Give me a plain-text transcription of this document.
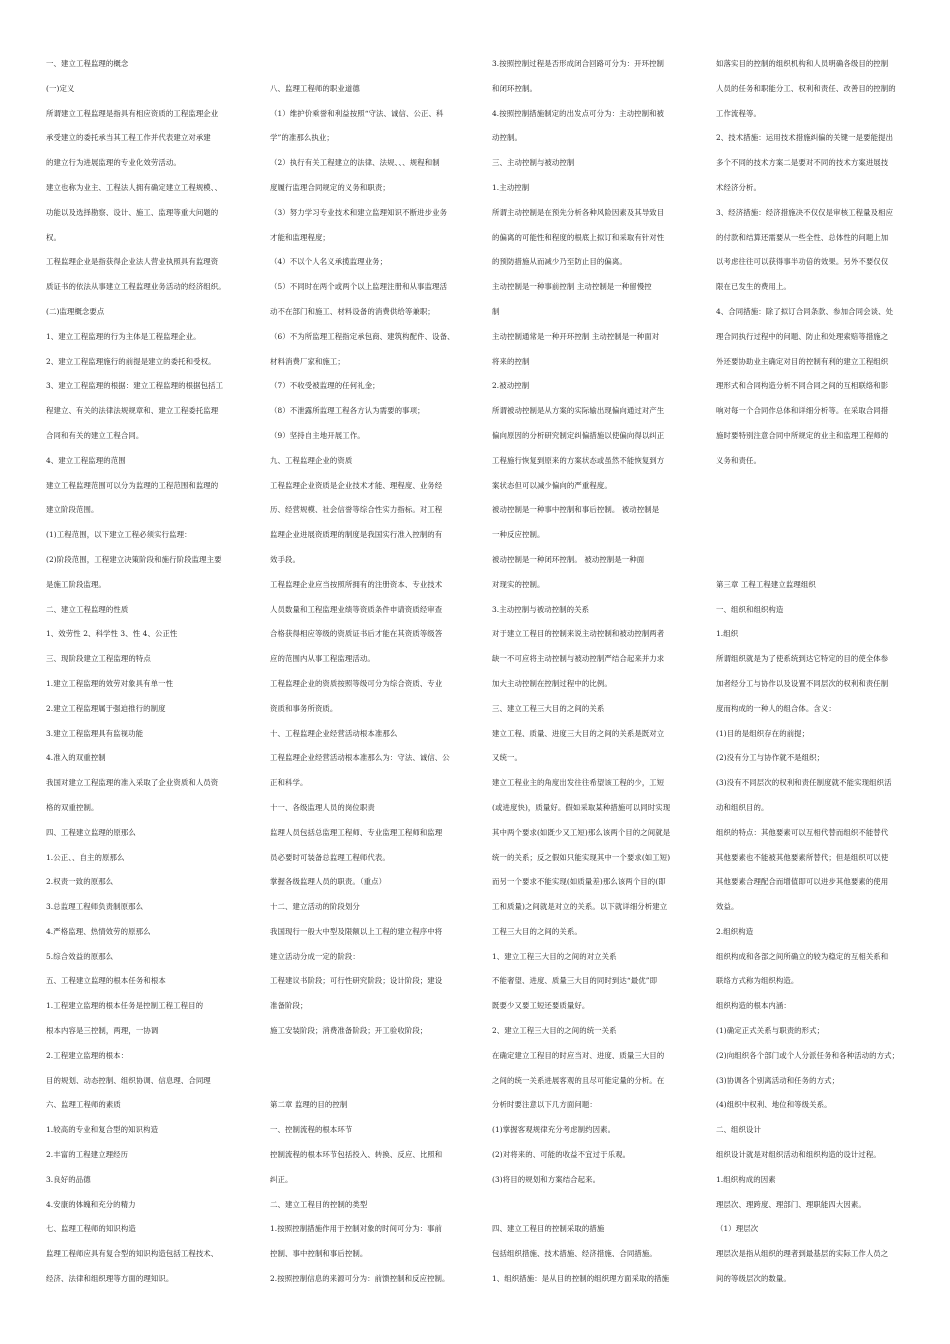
一、建立工程监理的概念

(一)定义

所谓建立工程监理是指具有相应资质的工程监理企业

承受建立的委托承当其工程工作并代表建立对承建

的建立行为进展监理的专业化效劳活动。

建立也称为业主、工程法人拥有确定建立工程规模、、

功能以及选择勘察、设计、施工、监理等重大问题的

权。

工程监理企业是指获得企业法人营业执照具有监理资

质证书的依法从事建立工程监理业务活动的经济组织。

(二)监理概念要点

1、建立工程监理的行为主体是工程监理企业。

2、建立工程监理施行的前提是建立的委托和受权。

3、建立工程监理的根据：建立工程监理的根据包括工

程建立、有关的法律法规规章和、建立工程委托监理

合同和有关的建立工程合同。

4、建立工程监理的范围

建立工程监理范围可以分为监理的工程范围和监理的

建立阶段范围。

(1)工程范围，以下建立工程必须实行监理：

(2)阶段范围，工程建立决策阶段和施行阶段监理主要

是施工阶段监理。

二、建立工程监理的性质

1、效劳性 2、科学性 3、性 4、公正性

三、现阶段建立工程监理的特点

1.建立工程监理的效劳对象具有单一性

2.建立工程监理属于强迫推行的制度

3.建立工程监理具有监视功能

4.准入的双重控制

我国对建立工程监理的准入采取了企业资质和人员资

格的双重控制。

四、工程建立监理的原那么

1.公正、、自主的原那么

2.权责一致的原那么

3.总监理工程师负责制原那么

4.严格监理、热情效劳的原那么

5.综合效益的原那么

五、工程建立监理的根本任务和根本

1.工程建立监理的根本任务是控制工程工程目的

根本内容是三控制，两理，一协调

2.工程建立监理的根本：

目的规划、动态控制、组织协调、信息理、合同理

六、监理工程师的素质

1.较高的专业和复合型的知识构造

2.丰富的工程建立理经历

3.良好的品德

4.安康的体魄和充分的精力

七、监理工程师的知识构造

监理工程师应具有复合型的知识构造包括工程技术、

经济、法律和组织理等方面的理知识。

八、监理工程师的职业道德

（1）维护价乘誉和利益按照“守法、诚信、公正、科

学”的准那么执业；

（2）执行有关工程建立的法律、法规、、、规程和制

度履行监理合同规定的义务和职责；

（3）努力学习专业技术和建立监理知识不断进步业务

才能和监理程度；

（4）不以个人名义承揽监理业务；

（5）不同时在两个或两个以上监理注册和从事监理活

动不在部门和施工、材料设备的消费供给等兼职；

（6）不为所监理工程指定承包商、建筑构配件、设备、

材料消费厂家和施工；

（7）不收受被监理的任何礼金；

（8）不泄露所监理工程各方认为需要的事项；

（9）坚持自主地开展工作。

九、工程监理企业的资质

工程监理企业资质是企业技术才能、理程度、业务经

历、经营规模、社会信誉等综合性实力指标。对工程

监理企业进展资质理的制度是我国实行准入控制的有

效手段。

工程监理企业应当按照所拥有的注册资本、专业技术

人员数量和工程监理业绩等资质条件申请资质经审查

合格获得相应等级的资质证书后才能在其资质等级答

应的范围内从事工程监理活动。

工程监理企业的资质按照等级可分为综合资质、专业

资质和事务所资质。

十、工程监理企业经营活动根本准那么

工程监理企业经营活动根本准那么为：守法、诚信、公

正和科学。

十一、各级监理人员的岗位职责

监理人员包括总监理工程师、专业监理工程师和监理

员必要时可装备总监理工程师代表。

掌握各级监理人员的职责。（重点）

十二、建立活动的阶段划分

我国现行一般大中型及限额以上工程的建立程序中将

建立活动分成一定的阶段：

工程建议书阶段；可行性研究阶段；设计阶段；建设

准备阶段；

施工安装阶段；消费准备阶段；开工验收阶段；

第二章 监理的目的控制

一、控制流程的根本环节

控制流程的根本环节包括投入、转换、反应、比照和

纠正。

二、建立工程目的控制的类型

1.按照控制措施作用于控制对象的时间可分为：事前

控制、事中控制和事后控制。

2.按照控制信息的来源可分为：前馈控制和反应控制。

3.按照控制过程是否形成闭合回路可分为：开环控制

和闭环控制。

4.按照控制措施制定的出发点可分为：主动控制和被

动控制。

三、主动控制与被动控制

1.主动控制

所谓主动控制是在预先分析各种风险因素及其导致目

的偏离的可能性和程度的根底上拟订和采取有针对性

的预防措施从而减少乃至防止目的偏离。

主动控制是一种事前控制 主动控制是一种留慢控

制

主动控制通常是一种开环控制 主动控制是一种面对

将来的控制

2.被动控制

所谓被动控制是从方案的实际输出现偏向通过对产生

偏向原因的分析研究制定纠偏措施以使偏向得以纠正

工程施行恢复到原来的方案状态或虽然不能恢复到方

案状态但可以减少偏向的严重程度。

被动控制是一种事中控制和事后控制。 被动控制是

一种反应控制。

被动控制是一种闭环控制。 被动控制是一种面

对现实的控制。

3.主动控制与被动控制的关系

对于建立工程目的控制来说主动控制和被动控制两者

缺一不可应将主动控制与被动控制严结合起来并力求

加大主动控制在控制过程中的比例。

三、建立工程三大目的之间的关系

建立工程、质量、进度三大目的之间的关系是既对立

又统一。

建立工程业主的角度出发往往希望该工程的少，工短

(或进度快)，质量好。假如采取某种措施可以同时实现

其中两个要求(如既少又工短)那么该两个目的之间就是

统一的关系；反之假如只能实现其中一个要求(如工短)

而另一个要求不能实现(如质量差)那么该两个目的(即

工和质量)之间就是对立的关系。以下就详细分析建立

工程三大目的之间的关系。

1、建立工程三大目的之间的对立关系

不能奢望、进度、质量三大目的同时到达“最优”即

既要少又要工短还要质量好。

2、建立工程三大目的之间的统一关系

在确定建立工程目的时应当对、进度、质量三大目的

之间的统一关系进展客观的且尽可能定量的分析。在

分析时要注意以下几方面问题：

(1)掌握客观规律充分考虑制约因素。

(2)对将来的、可能的收益不宜过于乐观。

(3)将目的规划和方案结合起来。

四、建立工程目的控制采取的措施

包括组织措施、技术措施、经济措施、合同措施。

1、组织措施：是从目的控制的组织理方面采取的措施

如落实目的控制的组织机构和人员明确各级目的控制

人员的任务和职能分工、权利和责任、改善目的控制的

工作流程等。

2、技术措施：运用技术措施纠偏的关键一是要能提出

多个不同的技术方案二是要对不同的技术方案进展技

术经济分析。

3、经济措施：经济措施决不仅仅是审核工程量及相应

的付款和结算还需要从一些全性、总体性的问题上加

以考虑往往可以获得事半功倍的效果。另外不要仅仅

限在已发生的费用上。

4、合同措施：除了拟订合同条款、参加合同会谈、处

理合同执行过程中的问题、防止和处理索赔等措施之

外还要协助业主确定对目的控制有利的建立工程组织

理形式和合同构造分析不同合同之间的互相联络和影

响对每一个合同作总体和详细分析等。在采取合同措

施时要特别注意合同中所规定的业主和监理工程师的

义务和责任。

第三章 工程工程建立监理组织

一、组织和组织构造

1.组织

所谓组织就是为了使系统到达它特定的目的使全体参

加者经分工与协作以及设置不同层次的权利和责任制

度而构成的一种人的组合体。含义：

(1)目的是组织存在的前提；

(2)没有分工与协作就不是组织；

(3)没有不同层次的权利和责任制度就不能实现组织活

动和组织目的。

组织的特点：其他要素可以互相代替而组织不能替代

其他要素也不能被其他要素所替代；但是组织可以使

其他要素合理配合而增值即可以进步其他要素的使用

效益。

2.组织构造

组织构成和各部之间所确立的较为稳定的互相关系和

联络方式称为组织构造。

组织构造的根本内涵：

(1)确定正式关系与职责的形式；

(2)向组织各个部门或个人分派任务和各种活动的方式；

(3)协调各个别离活动和任务的方式；

(4)组织中权利、地位和等级关系。

二、组织设计

组织设计就是对组织活动和组织构造的设计过程。

1.组织构成的因素

理层次、理跨度、理部门、理职能四大因素。

（1）理层次

理层次是指从组织的理者到最基层的实际工作人员之

间的等级层次的数量。
